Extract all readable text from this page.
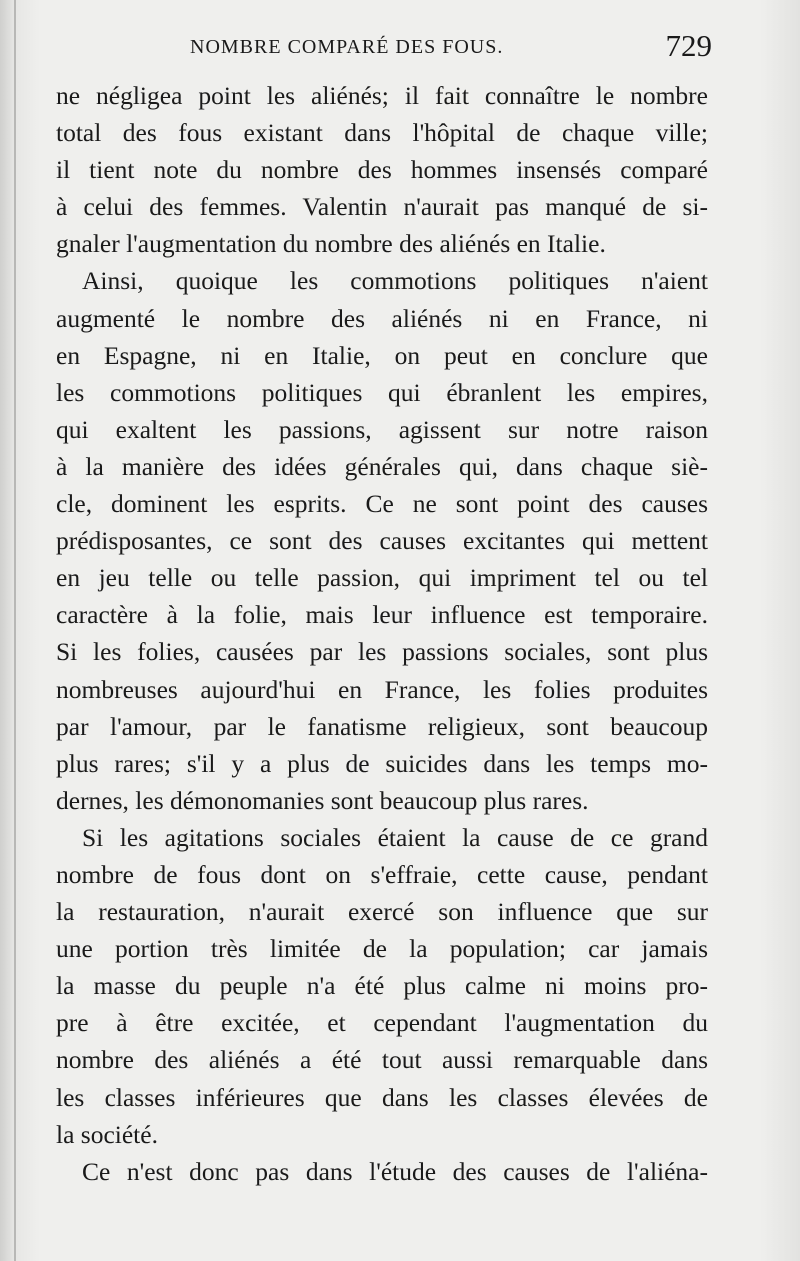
NOMBRE COMPARÉ DES FOUS.	729
ne négligea point les aliénés; il fait connaître le nombre
total des fous existant dans l'hôpital de chaque ville;
il tient note du nombre des hommes insensés comparé
à celui des femmes. Valentin n'aurait pas manqué de si-
gnaler l'augmentation du nombre des aliénés en Italie.
Ainsi, quoique les commotions politiques n'aient
augmenté le nombre des aliénés ni en France, ni
en Espagne, ni en Italie, on peut en conclure que
les commotions politiques qui ébranlent les empires,
qui exaltent les passions, agissent sur notre raison
à la manière des idées générales qui, dans chaque siè-
cle, dominent les esprits. Ce ne sont point des causes
prédisposantes, ce sont des causes excitantes qui mettent
en jeu telle ou telle passion, qui impriment tel ou tel
caractère à la folie, mais leur influence est temporaire.
Si les folies, causées par les passions sociales, sont plus
nombreuses aujourd'hui en France, les folies produites
par l'amour, par le fanatisme religieux, sont beaucoup
plus rares; s'il y a plus de suicides dans les temps mo-
dernes, les démonomanies sont beaucoup plus rares.
Si les agitations sociales étaient la cause de ce grand
nombre de fous dont on s'effraie, cette cause, pendant
la restauration, n'aurait exercé son influence que sur
une portion très limitée de la population; car jamais
la masse du peuple n'a été plus calme ni moins pro-
pre à être excitée, et cependant l'augmentation du
nombre des aliénés a été tout aussi remarquable dans
les classes inférieures que dans les classes élevées de
la société.
Ce n'est donc pas dans l'étude des causes de l'aliéna-
